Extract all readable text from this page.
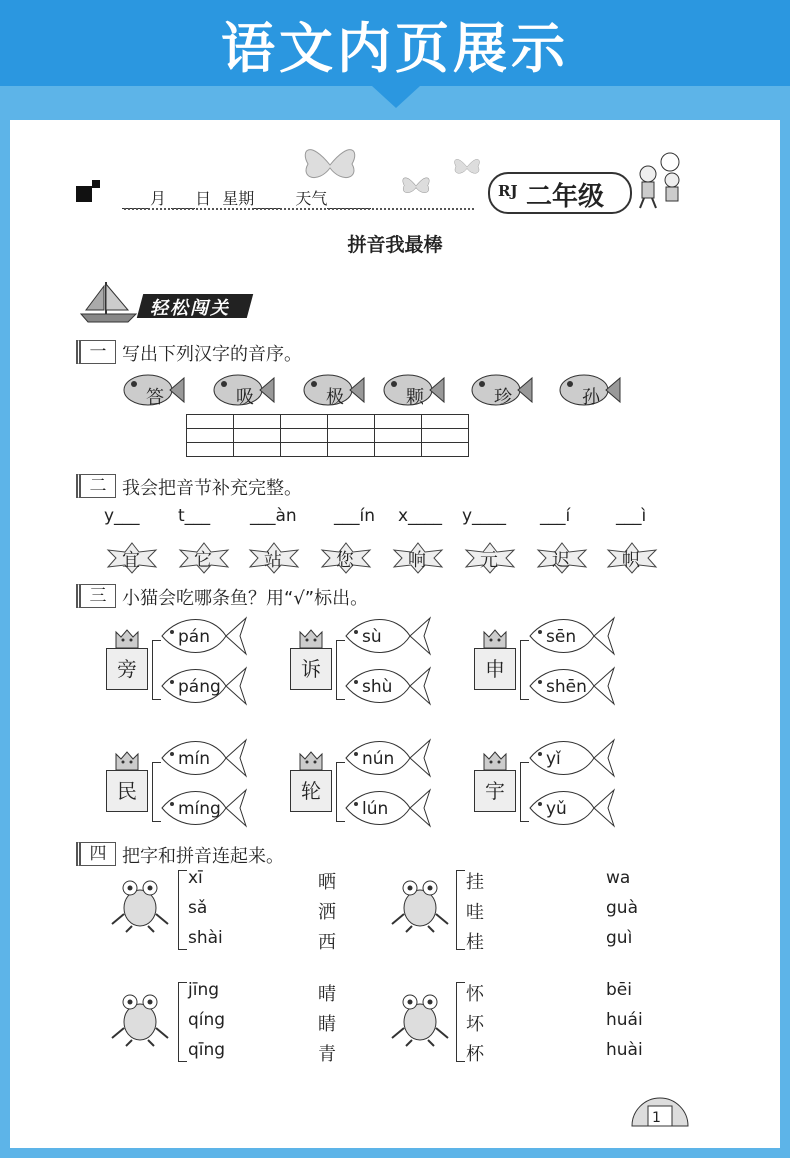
语文内页展示
月 日 星期	天气	RJ 二年级
拼音我最棒
轻松闯关
一 写出下列汉字的音序。
答	吸	极	颗	珍	孙

二 我会把音节补充完整。
y___ t___ ___àn ___ín x____ y____ ___í	___ì
宜	它	站	您	响	元	迟	帜
三 小猫会吃哪条鱼？用“√”标出。
旁
pán
páng
诉
sù
shù
申
sēn
shēn
民
mín
míng
轮
nún
lún
宇
yǐ
yǔ
四 把字和拼音连起来。
xī
sǎ
shài
晒
洒
西
挂
哇
桂
wa
guà
guì
jīng
qíng
qīng
晴
睛
青
怀
坏
杯
bēi
huái
huài
1
